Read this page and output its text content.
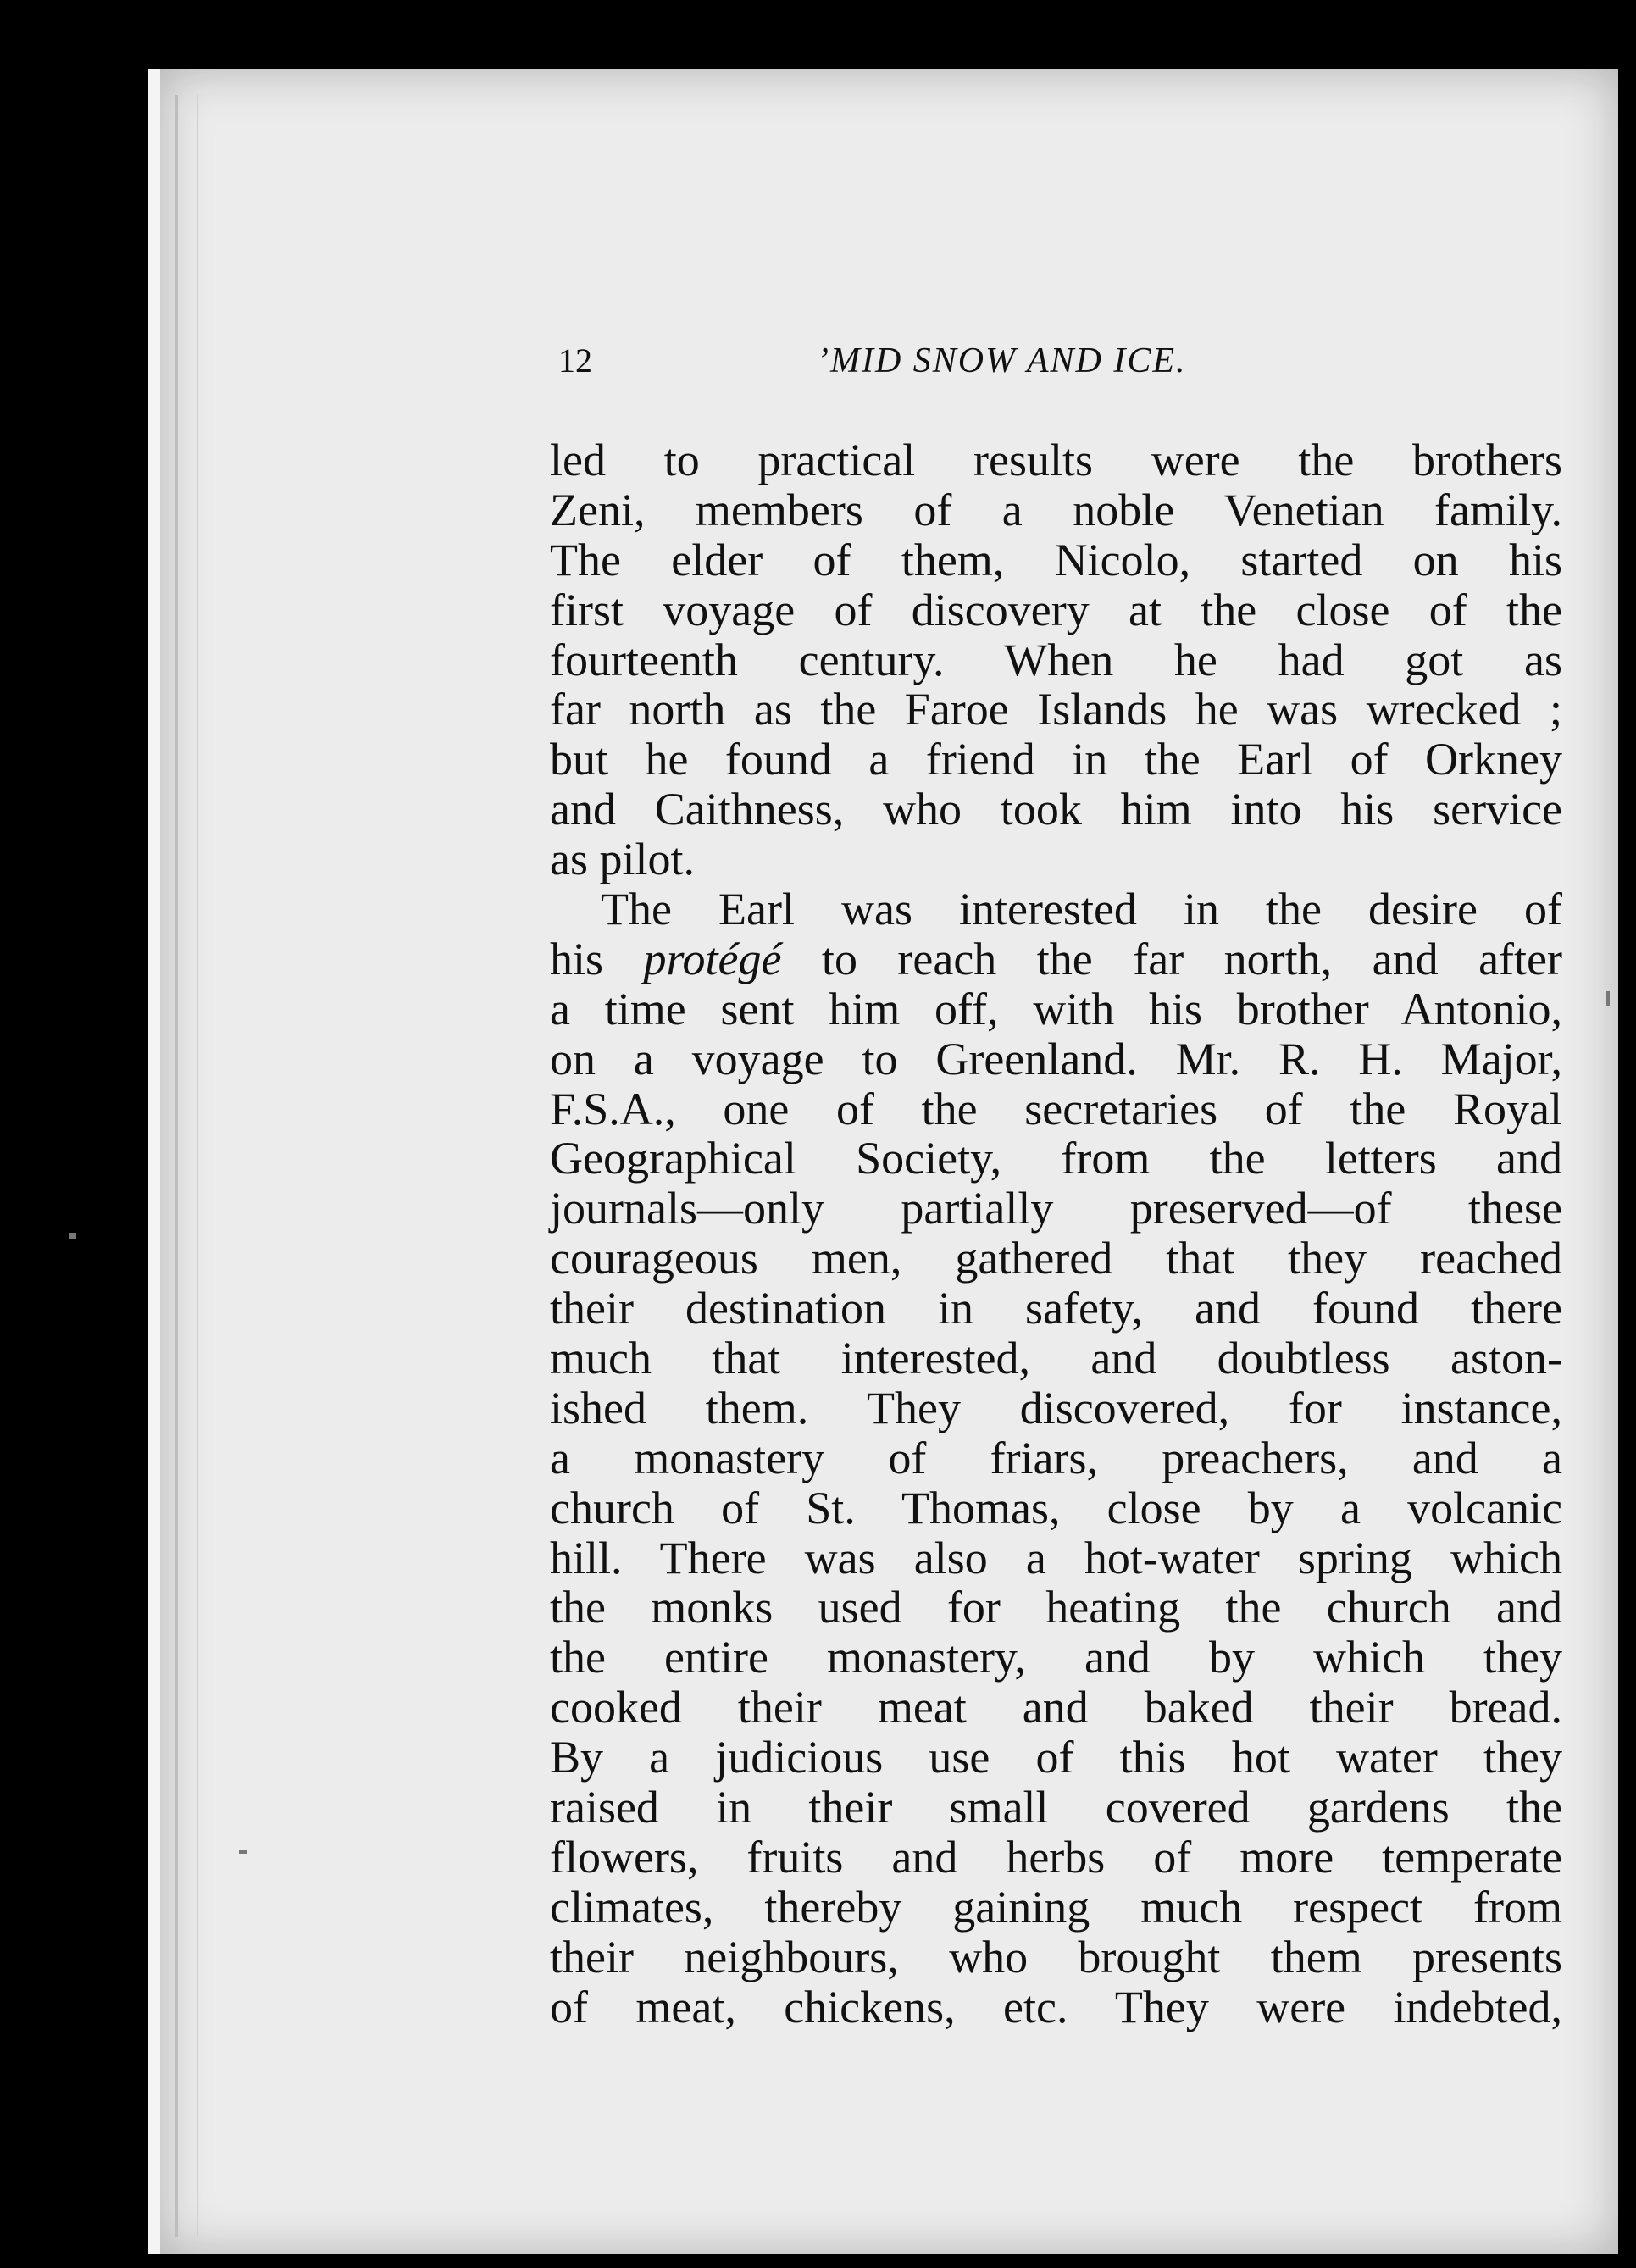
12	’MID SNOW AND ICE.
led to practical results were the brothers
Zeni, members of a noble Venetian family.
The elder of them, Nicolo, started on his
first voyage of discovery at the close of the
fourteenth century. When he had got as
far north as the Faroe Islands he was wrecked ;
but he found a friend in the Earl of Orkney
and Caithness, who took him into his service
as pilot.
The Earl was interested in the desire of
his protégé to reach the far north, and after
a time sent him off, with his brother Antonio,
on a voyage to Greenland. Mr. R. H. Major,
F.S.A., one of the secretaries of the Royal
Geographical Society, from the letters and
journals—only partially preserved—of these
courageous men, gathered that they reached
their destination in safety, and found there
much that interested, and doubtless aston-
ished them. They discovered, for instance,
a monastery of friars, preachers, and a
church of St. Thomas, close by a volcanic
hill. There was also a hot-water spring which
the monks used for heating the church and
the entire monastery, and by which they
cooked their meat and baked their bread.
By a judicious use of this hot water they
raised in their small covered gardens the
flowers, fruits and herbs of more temperate
climates, thereby gaining much respect from
their neighbours, who brought them presents
of meat, chickens, etc. They were indebted,
